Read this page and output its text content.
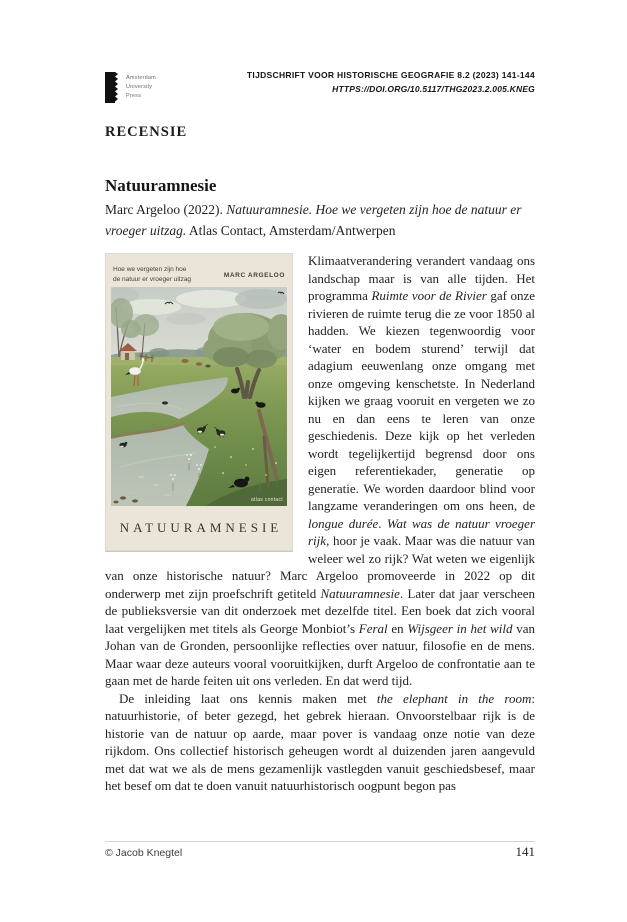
Amsterdam
University
Press
TIJDSCHRIFT VOOR HISTORISCHE GEOGRAFIE 8.2 (2023) 141-144
HTTPS://DOI.ORG/10.5117/THG2023.2.005.KNEG
RECENSIE
Natuuramnesie
Marc Argeloo (2022). Natuuramnesie. Hoe we vergeten zijn hoe de natuur er vroeger uitzag. Atlas Contact, Amsterdam/Antwerpen
Hoe we vergeten zijn hoe
de natuur er vroeger uitzag
MARC ARGELOO
atlas contact
NATUURAMNESIE

Klimaatverandering verandert vandaag ons landschap maar is van alle tijden. Het programma Ruimte voor de Rivier gaf onze rivieren de ruimte terug die ze voor 1850 al hadden. We kiezen tegenwoordig voor ‘water en bodem sturend’ terwijl dat adagium eeuwenlang onze omgang met onze omgeving kenschetste. In Nederland kijken we graag vooruit en vergeten we zo nu en dan eens te leren van onze geschiedenis. Deze kijk op het verleden wordt tegelijkertijd begrensd door ons eigen referentiekader, generatie op generatie. We worden daardoor blind voor langzame veranderingen om ons heen, de longue durée. Wat was de natuur vroeger rijk, hoor je vaak. Maar was die natuur van weleer wel zo rijk? Wat weten we eigenlijk van onze historische natuur? Marc Argeloo promoveerde in 2022 op dit onderwerp met zijn proefschrift getiteld Natuuramnesie. Later dat jaar verscheen de publieksversie van dit onderzoek met dezelfde titel. Een boek dat zich vooral laat vergelijken met titels als George Monbiot’s Feral en Wijsgeer in het wild van Johan van de Gronden, persoonlijke reflecties over natuur, filosofie en de mens. Maar waar deze auteurs vooral vooruitkijken, durft Argeloo de confrontatie aan te gaan met de harde feiten uit ons verleden. En dat werd tijd.

De inleiding laat ons kennis maken met the elephant in the room: natuurhistorie, of beter gezegd, het gebrek hieraan. Onvoorstelbaar rijk is de historie van de natuur op aarde, maar pover is vandaag onze notie van deze rijkdom. Ons collectief historisch geheugen wordt al duizenden jaren aangevuld met dat wat we als de mens gezamenlijk vastlegden vanuit geschiedsbesef, maar het besef om dat te doen vanuit natuurhistorisch oogpunt begon pas

© Jacob Knegtel	141
